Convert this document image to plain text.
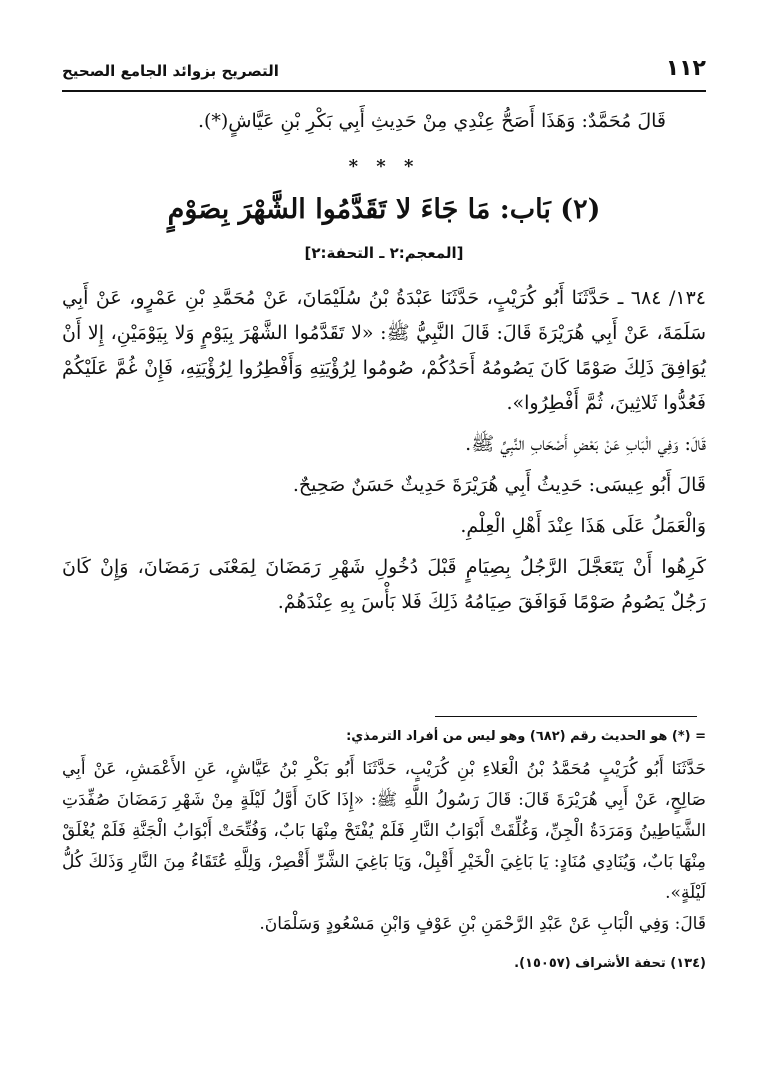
التصريح بزوائد الجامع الصحيح	١١٢

قَالَ مُحَمَّدٌ: وَهَذَا أَصَحُّ عِنْدِي مِنْ حَدِيثِ أَبِي بَكْرِ بْنِ عَيَّاشٍ(*).

* * *

(٢) بَاب: مَا جَاءَ لا تَقَدَّمُوا الشَّهْرَ بِصَوْمٍ

[المعجم:٢ ـ التحفة:٢]

١٣٤/ ٦٨٤ ـ حَدَّثَنَا أَبُو كُرَيْبٍ، حَدَّثَنَا عَبْدَةُ بْنُ سُلَيْمَانَ، عَنْ مُحَمَّدِ بْنِ عَمْرٍو، عَنْ أَبِي سَلَمَةَ، عَنْ أَبِي هُرَيْرَةَ قَالَ: قَالَ النَّبِيُّ ﷺ: «لا تَقَدَّمُوا الشَّهْرَ بِيَوْمٍ وَلا بِيَوْمَيْنِ، إِلا أَنْ يُوَافِقَ ذَلِكَ صَوْمًا كَانَ يَصُومُهُ أَحَدُكُمْ، صُومُوا لِرُؤْيَتِهِ وَأَفْطِرُوا لِرُؤْيَتِهِ، فَإِنْ غُمَّ عَلَيْكُمْ فَعُدُّوا ثَلاثِينَ، ثُمَّ أَفْطِرُوا».

قَالَ: وَفِي الْبَابِ عَنْ بَعْضِ أَصْحَابِ النَّبِيِّ ﷺ.

قَالَ أَبُو عِيسَى: حَدِيثُ أَبِي هُرَيْرَةَ حَدِيثٌ حَسَنٌ صَحِيحٌ.

وَالْعَمَلُ عَلَى هَذَا عِنْدَ أَهْلِ الْعِلْمِ.

كَرِهُوا أَنْ يَتَعَجَّلَ الرَّجُلُ بِصِيَامٍ قَبْلَ دُخُولِ شَهْرِ رَمَضَانَ لِمَعْنَى رَمَضَانَ، وَإِنْ كَانَ رَجُلٌ يَصُومُ صَوْمًا فَوَافَقَ صِيَامُهُ ذَلِكَ فَلا بَأْسَ بِهِ عِنْدَهُمْ.

= (*) هو الحديث رقم (٦٨٢) وهو ليس من أفراد الترمذي:

حَدَّثَنَا أَبُو كُرَيْبٍ مُحَمَّدُ بْنُ الْعَلاءِ بْنِ كُرَيْبٍ، حَدَّثَنَا أَبُو بَكْرِ بْنُ عَيَّاشٍ، عَنِ الأَعْمَشِ، عَنْ أَبِي صَالِحٍ، عَنْ أَبِي هُرَيْرَةَ قَالَ: قَالَ رَسُولُ اللَّهِ ﷺ: «إِذَا كَانَ أَوَّلُ لَيْلَةٍ مِنْ شَهْرِ رَمَضَانَ صُفِّدَتِ الشَّيَاطِينُ وَمَرَدَةُ الْجِنِّ، وَغُلِّقَتْ أَبْوَابُ النَّارِ فَلَمْ يُفْتَحْ مِنْهَا بَابٌ، وَفُتِّحَتْ أَبْوَابُ الْجَنَّةِ فَلَمْ يُغْلَقْ مِنْهَا بَابٌ، وَيُنَادِي مُنَادٍ: يَا بَاغِيَ الْخَيْرِ أَقْبِلْ، وَيَا بَاغِيَ الشَّرِّ أَقْصِرْ، وَلِلَّهِ عُتَقَاءُ مِنَ النَّارِ وَذَلكَ كُلُّ لَيْلَةٍ».

قَالَ: وَفِي الْبَابِ عَنْ عَبْدِ الرَّحْمَنِ بْنِ عَوْفٍ وَابْنِ مَسْعُودٍ وَسَلْمَانَ.

(١٣٤) تحفة الأشراف (١٥٠٥٧).
